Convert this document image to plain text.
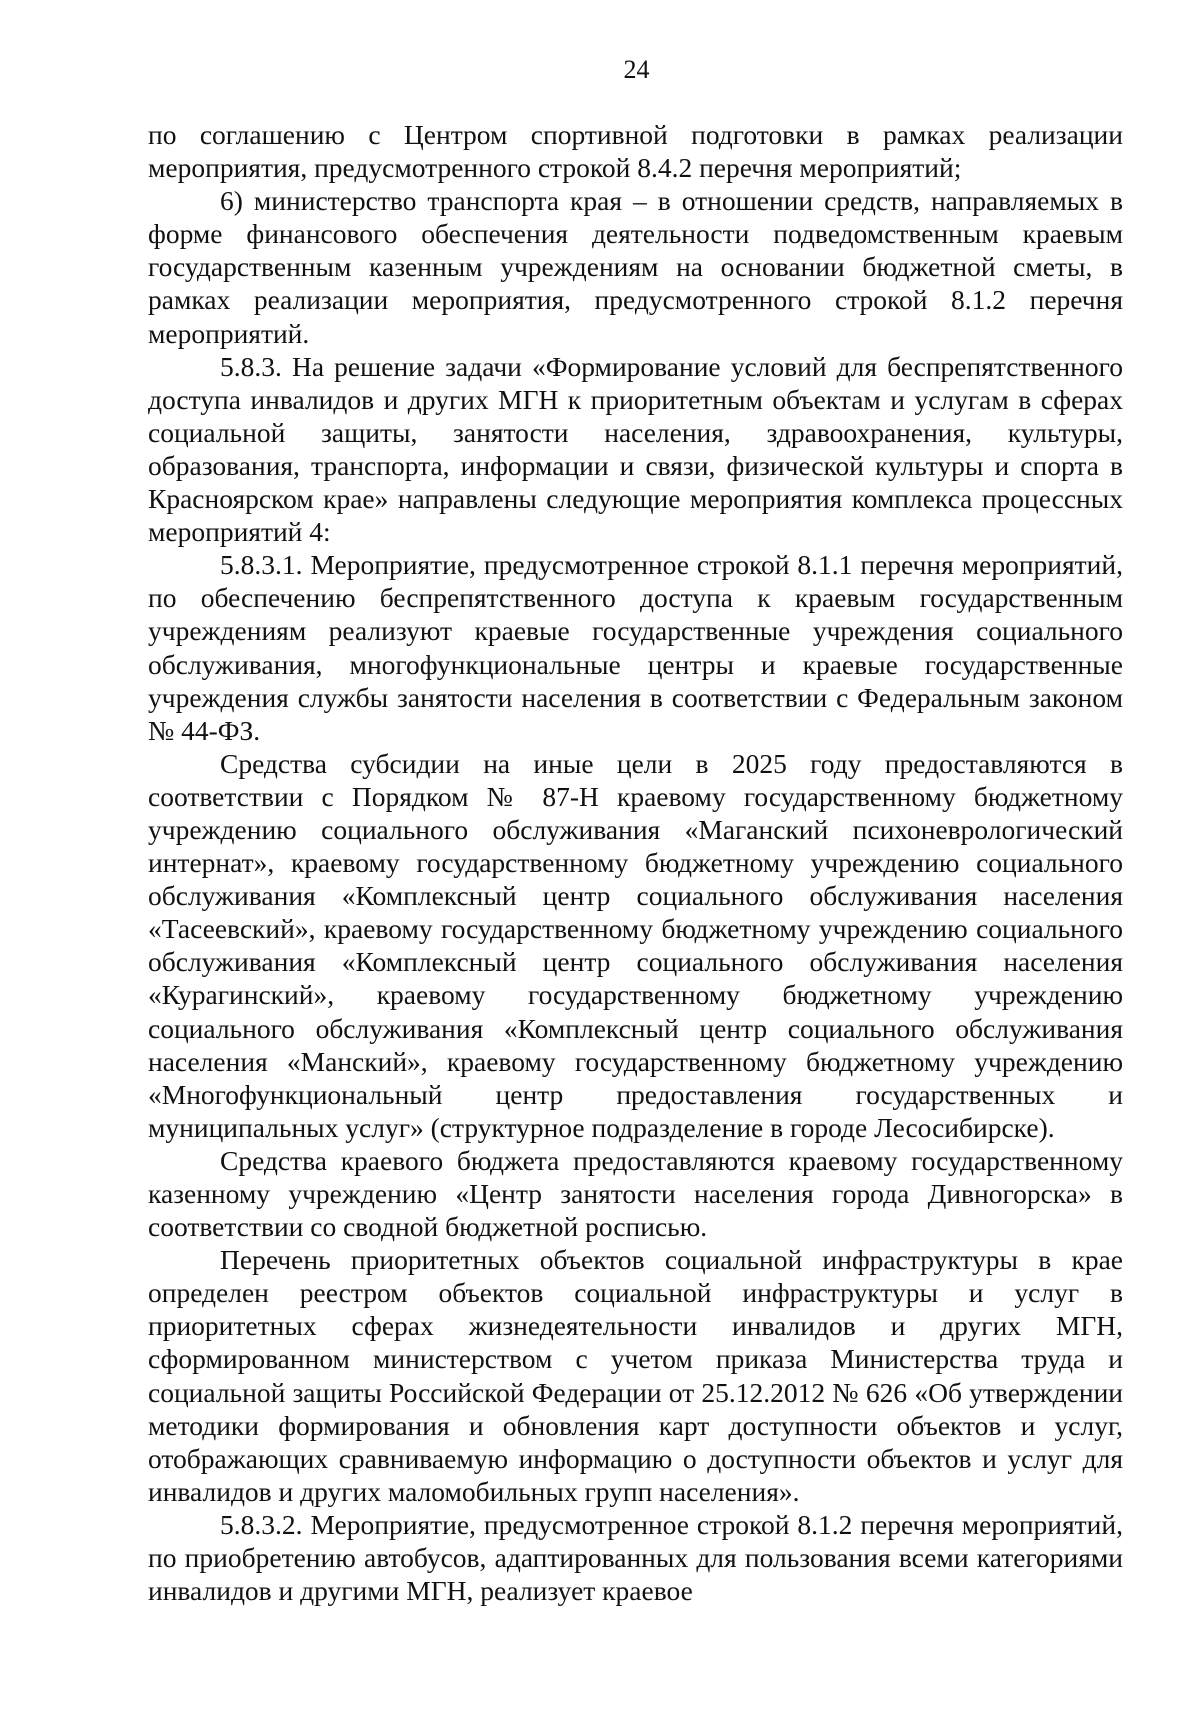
24

по соглашению с Центром спортивной подготовки в рамках реализации мероприятия, предусмотренного строкой 8.4.2 перечня мероприятий;

6) министерство транспорта края – в отношении средств, направляемых в форме финансового обеспечения деятельности подведомственным краевым государственным казенным учреждениям на основании бюджетной сметы, в рамках реализации мероприятия, предусмотренного строкой 8.1.2 перечня мероприятий.

5.8.3. На решение задачи «Формирование условий для беспрепятственного доступа инвалидов и других МГН к приоритетным объектам и услугам в сферах социальной защиты, занятости населения, здравоохранения, культуры, образования, транспорта, информации и связи, физической культуры и спорта в Красноярском крае» направлены следующие мероприятия комплекса процессных мероприятий 4:

5.8.3.1. Мероприятие, предусмотренное строкой 8.1.1 перечня мероприятий, по обеспечению беспрепятственного доступа к краевым государственным учреждениям реализуют краевые государственные учреждения социального обслуживания, многофункциональные центры и краевые государственные учреждения службы занятости населения в соответствии с Федеральным законом № 44-ФЗ.

Средства субсидии на иные цели в 2025 году предоставляются в соответствии с Порядком № 87-Н краевому государственному бюджетному учреждению социального обслуживания «Маганский психоневрологический интернат», краевому государственному бюджетному учреждению социального обслуживания «Комплексный центр социального обслуживания населения «Тасеевский», краевому государственному бюджетному учреждению социального обслуживания «Комплексный центр социального обслуживания населения «Курагинский», краевому государственному бюджетному учреждению социального обслуживания «Комплексный центр социального обслуживания населения «Манский», краевому государственному бюджетному учреждению «Многофункциональный центр предоставления государственных и муниципальных услуг» (структурное подразделение в городе Лесосибирске).

Средства краевого бюджета предоставляются краевому государственному казенному учреждению «Центр занятости населения города Дивногорска» в соответствии со сводной бюджетной росписью.

Перечень приоритетных объектов социальной инфраструктуры в крае определен реестром объектов социальной инфраструктуры и услуг в приоритетных сферах жизнедеятельности инвалидов и других МГН, сформированном министерством с учетом приказа Министерства труда и социальной защиты Российской Федерации от 25.12.2012 № 626 «Об утверждении методики формирования и обновления карт доступности объектов и услуг, отображающих сравниваемую информацию о доступности объектов и услуг для инвалидов и других маломобильных групп населения».

5.8.3.2. Мероприятие, предусмотренное строкой 8.1.2 перечня мероприятий, по приобретению автобусов, адаптированных для пользования всеми категориями инвалидов и другими МГН, реализует краевое
